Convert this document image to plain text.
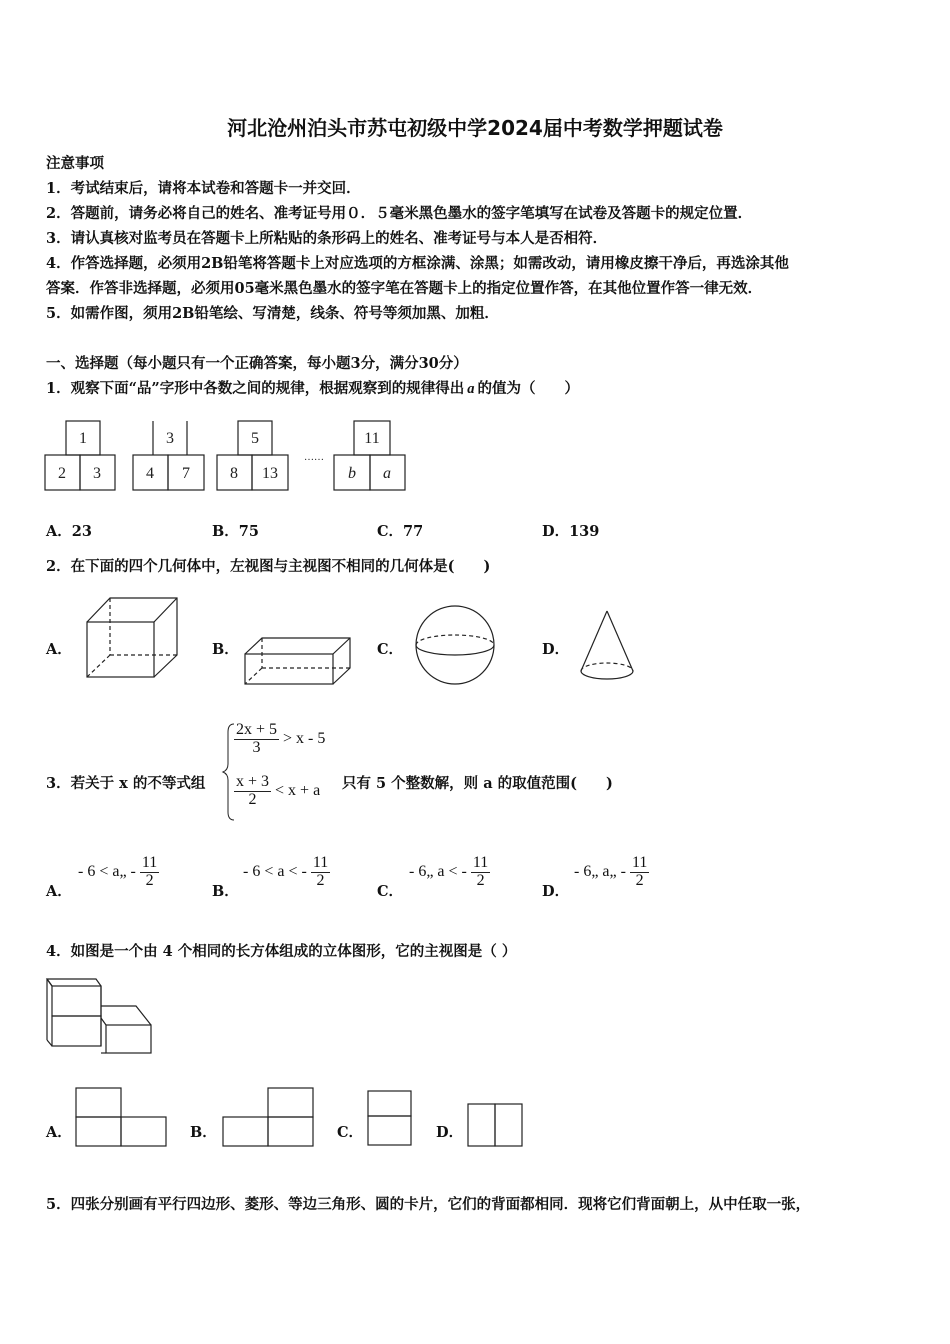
河北沧州泊头市苏屯初级中学2024届中考数学押题试卷
注意事项
1．考试结束后，请将本试卷和答题卡一并交回．
2．答题前，请务必将自己的姓名、准考证号用０．５毫米黑色墨水的签字笔填写在试卷及答题卡的规定位置．
3．请认真核对监考员在答题卡上所粘贴的条形码上的姓名、准考证号与本人是否相符．
4．作答选择题，必须用2B铅笔将答题卡上对应选项的方框涂满、涂黑；如需改动，请用橡皮擦干净后，再选涂其他
答案．作答非选择题，必须用05毫米黑色墨水的签字笔在答题卡上的指定位置作答，在其他位置作答一律无效．
5．如需作图，须用2B铅笔绘、写清楚，线条、符号等须加黑、加粗．
一、选择题（每小题只有一个正确答案，每小题3分，满分30分）
1．观察下面“品”字形中各数之间的规律，根据观察到的规律得出 a 的值为（　　）
1
2 3
3
4 7
5
8 13
11
b a
……
A．23	B．75	C．77	D．139
2．在下面的四个几何体中，左视图与主视图不相同的几何体是(　　)
A．	B．	C．	D．
3．若关于 x 的不等式组
$\frac{2x + 5}{3} > x - 5$
$\frac{x + 3}{2} < x + a$ 只有 5 个整数解，则 a 的取值范围(　　)
A．
- 6 < a„ - $\frac{11}{2}$
B．
- 6 < a < - $\frac{11}{2}$
C．
- 6„ a < - $\frac{11}{2}$
D．
- 6„ a„ - $\frac{11}{2}$
4．如图是一个由 4 个相同的长方体组成的立体图形，它的主视图是（ ）
A．	B．	C．	D．
5．四张分别画有平行四边形、菱形、等边三角形、圆的卡片，它们的背面都相同．现将它们背面朝上，从中任取一张，
